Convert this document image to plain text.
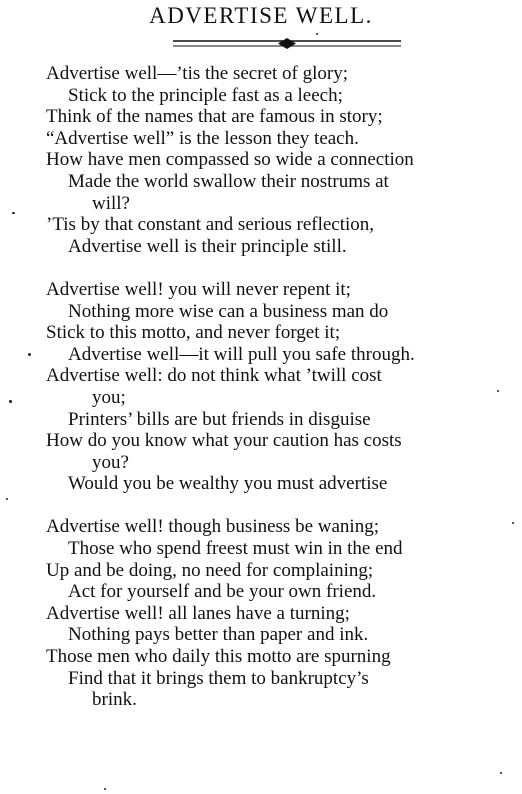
ADVERTISE WELL.
Advertise well—’tis the secret of glory;
Stick to the principle fast as a leech;
Think of the names that are famous in story;
“Advertise well” is the lesson they teach.
How have men compassed so wide a connection
Made the world swallow their nostrums at
will?
’Tis by that constant and serious reflection,
Advertise well is their principle still.
Advertise well! you will never repent it;
Nothing more wise can a business man do
Stick to this motto, and never forget it;
Advertise well—it will pull you safe through.
Advertise well: do not think what ’twill cost
you;
Printers’ bills are but friends in disguise
How do you know what your caution has costs
you?
Would you be wealthy you must advertise
Advertise well! though business be waning;
Those who spend freest must win in the end
Up and be doing, no need for complaining;
Act for yourself and be your own friend.
Advertise well! all lanes have a turning;
Nothing pays better than paper and ink.
Those men who daily this motto are spurning
Find that it brings them to bankruptcy’s
brink.
